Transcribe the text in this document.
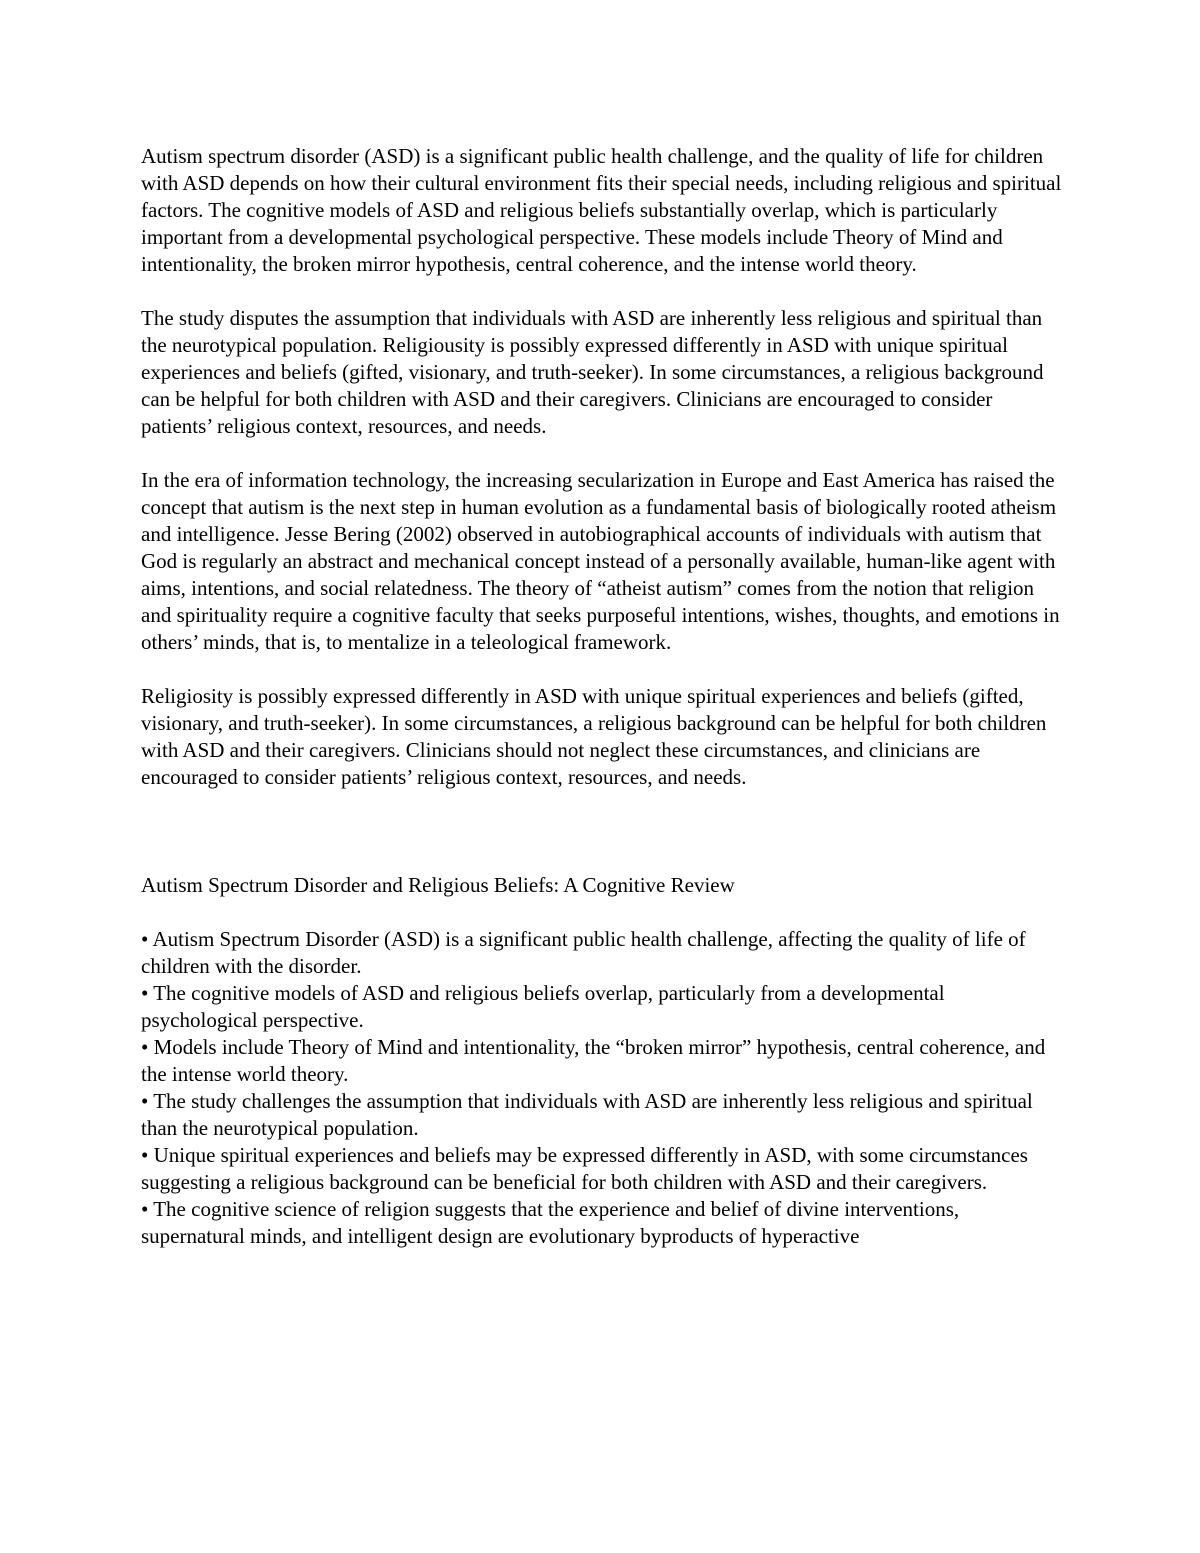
Autism spectrum disorder (ASD) is a significant public health challenge, and the quality of life for children with ASD depends on how their cultural environment fits their special needs, including religious and spiritual factors. The cognitive models of ASD and religious beliefs substantially overlap, which is particularly important from a developmental psychological perspective. These models include Theory of Mind and intentionality, the broken mirror hypothesis, central coherence, and the intense world theory.

The study disputes the assumption that individuals with ASD are inherently less religious and spiritual than the neurotypical population. Religiousity is possibly expressed differently in ASD with unique spiritual experiences and beliefs (gifted, visionary, and truth-seeker). In some circumstances, a religious background can be helpful for both children with ASD and their caregivers. Clinicians are encouraged to consider patients’ religious context, resources, and needs.

In the era of information technology, the increasing secularization in Europe and East America has raised the concept that autism is the next step in human evolution as a fundamental basis of biologically rooted atheism and intelligence. Jesse Bering (2002) observed in autobiographical accounts of individuals with autism that God is regularly an abstract and mechanical concept instead of a personally available, human-like agent with aims, intentions, and social relatedness. The theory of “atheist autism” comes from the notion that religion and spirituality require a cognitive faculty that seeks purposeful intentions, wishes, thoughts, and emotions in others’ minds, that is, to mentalize in a teleological framework.

Religiosity is possibly expressed differently in ASD with unique spiritual experiences and beliefs (gifted, visionary, and truth-seeker). In some circumstances, a religious background can be helpful for both children with ASD and their caregivers. Clinicians should not neglect these circumstances, and clinicians are encouraged to consider patients’ religious context, resources, and needs.

Autism Spectrum Disorder and Religious Beliefs: A Cognitive Review

• Autism Spectrum Disorder (ASD) is a significant public health challenge, affecting the quality of life of children with the disorder.
• The cognitive models of ASD and religious beliefs overlap, particularly from a developmental psychological perspective.
• Models include Theory of Mind and intentionality, the “broken mirror” hypothesis, central coherence, and the intense world theory.
• The study challenges the assumption that individuals with ASD are inherently less religious and spiritual than the neurotypical population.
• Unique spiritual experiences and beliefs may be expressed differently in ASD, with some circumstances suggesting a religious background can be beneficial for both children with ASD and their caregivers.
• The cognitive science of religion suggests that the experience and belief of divine interventions, supernatural minds, and intelligent design are evolutionary byproducts of hyperactive
